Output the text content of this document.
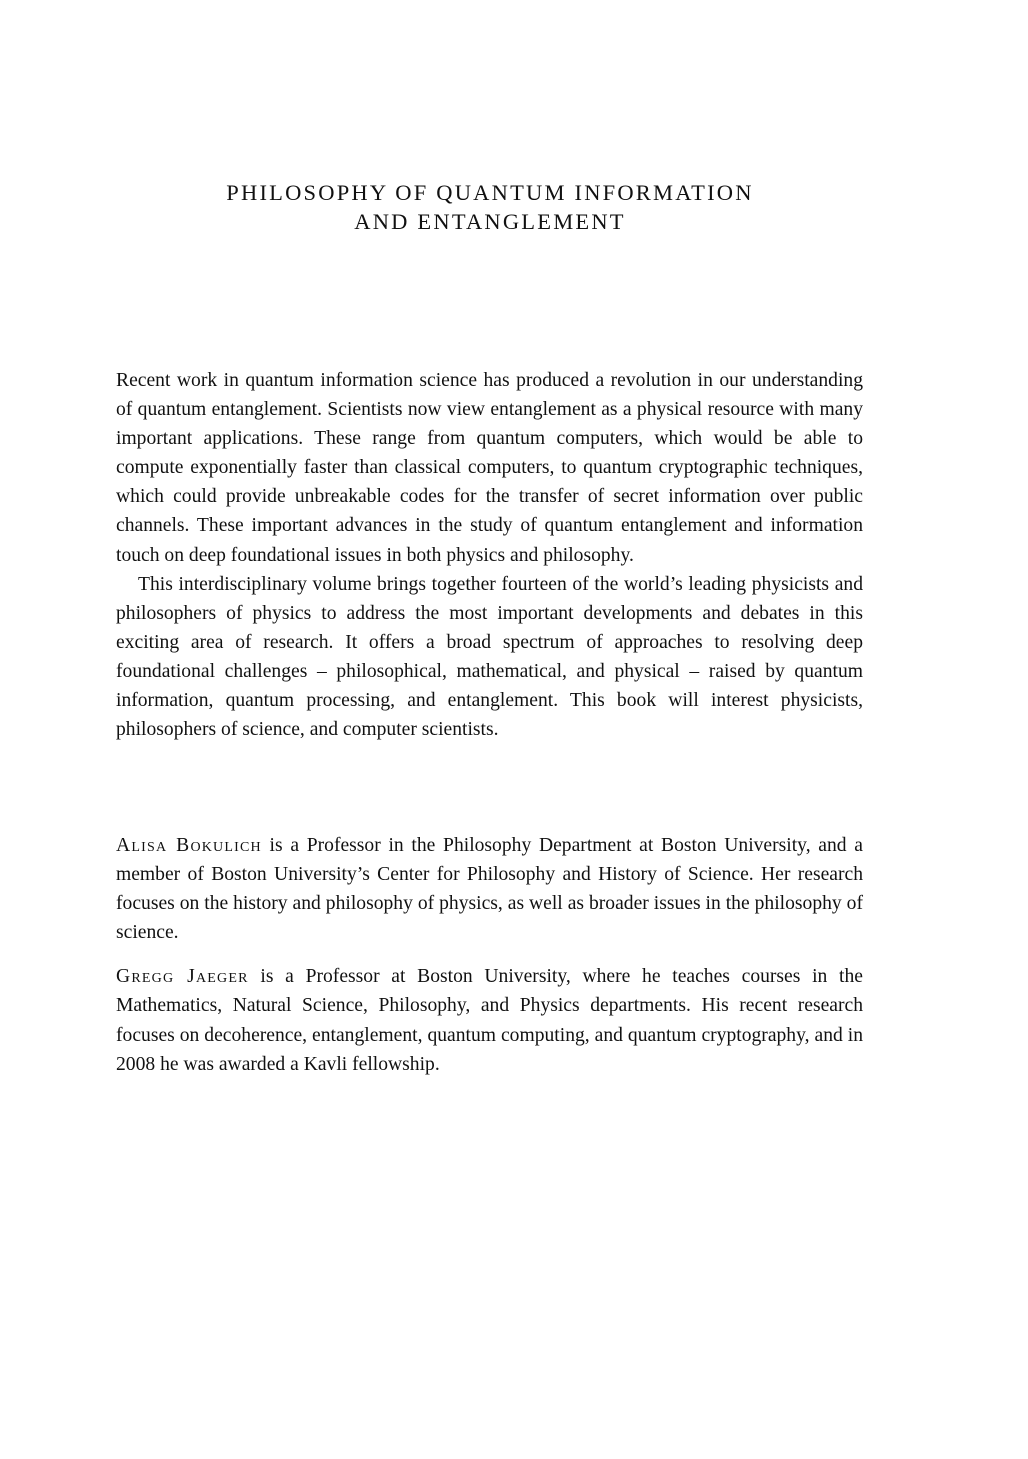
PHILOSOPHY OF QUANTUM INFORMATION
AND ENTANGLEMENT

Recent work in quantum information science has produced a revolution in our understanding of quantum entanglement. Scientists now view entanglement as a physical resource with many important applications. These range from quantum computers, which would be able to compute exponentially faster than classical computers, to quantum cryptographic techniques, which could provide unbreakable codes for the transfer of secret information over public channels. These important advances in the study of quantum entanglement and information touch on deep foundational issues in both physics and philosophy.

This interdisciplinary volume brings together fourteen of the world’s leading physicists and philosophers of physics to address the most important developments and debates in this exciting area of research. It offers a broad spectrum of approaches to resolving deep foundational challenges – philosophical, mathematical, and physical – raised by quantum information, quantum processing, and entanglement. This book will interest physicists, philosophers of science, and computer scientists.

Alisa Bokulich is a Professor in the Philosophy Department at Boston University, and a member of Boston University’s Center for Philosophy and History of Science. Her research focuses on the history and philosophy of physics, as well as broader issues in the philosophy of science.

Gregg Jaeger is a Professor at Boston University, where he teaches courses in the Mathematics, Natural Science, Philosophy, and Physics departments. His recent research focuses on decoherence, entanglement, quantum computing, and quantum cryptography, and in 2008 he was awarded a Kavli fellowship.
